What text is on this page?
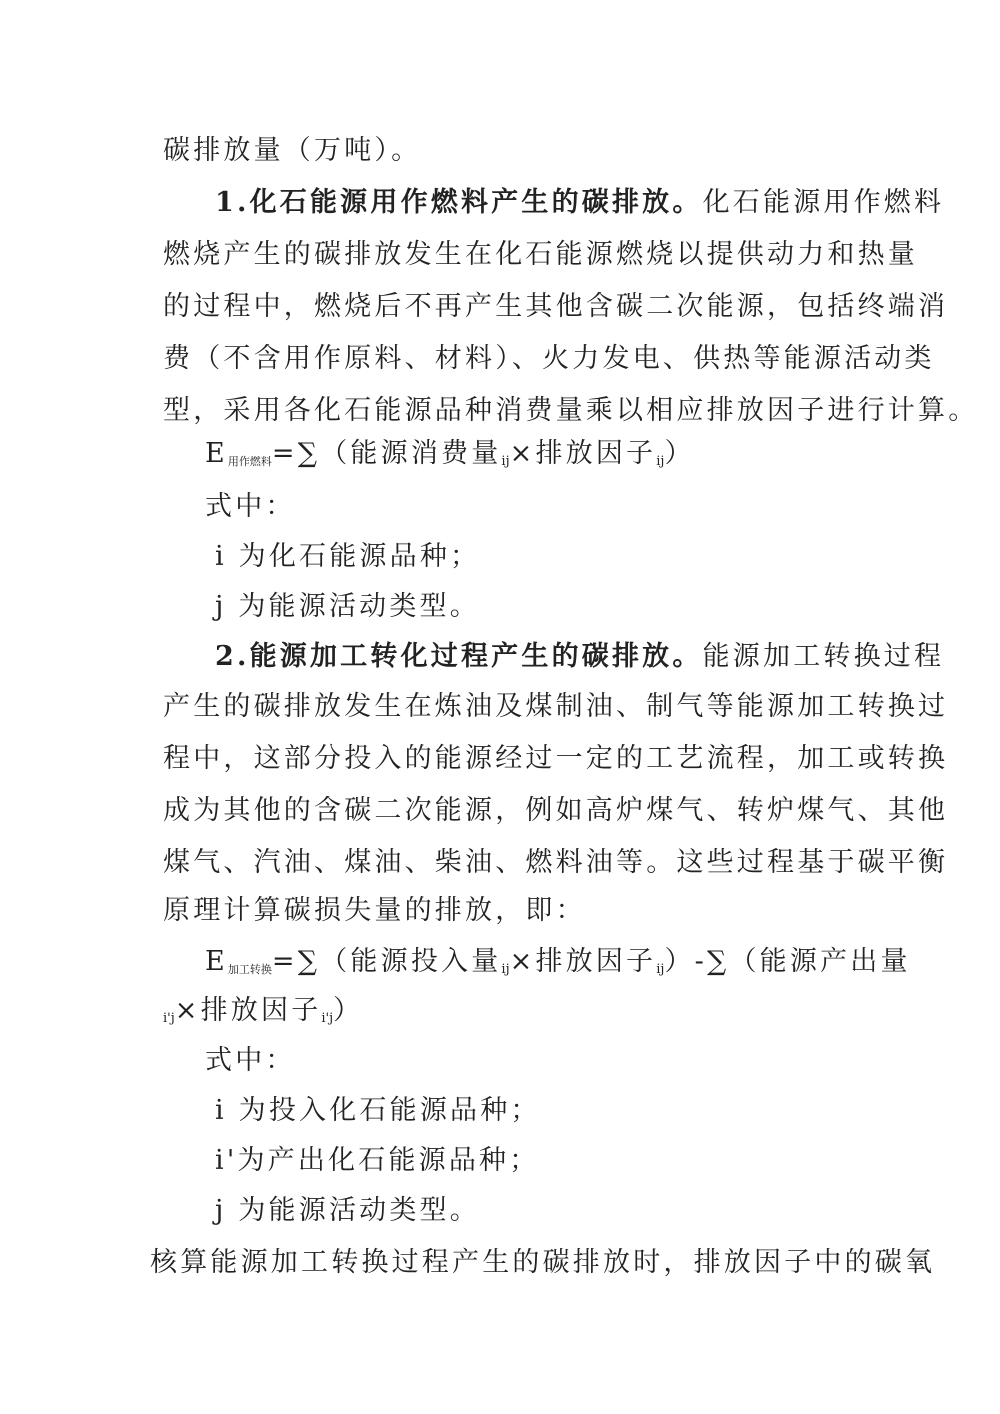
碳排放量（万吨）。
1.化石能源用作燃料产生的碳排放。化石能源用作燃料
燃烧产生的碳排放发生在化石能源燃烧以提供动力和热量
的过程中，燃烧后不再产生其他含碳二次能源，包括终端消
费（不含用作原料、材料）、火力发电、供热等能源活动类
型，采用各化石能源品种消费量乘以相应排放因子进行计算。
$E_{用作燃料}=\sum$（能源消费量$_{ij}$×排放因子$_{ij}$）
式中：
i 为化石能源品种；
j 为能源活动类型。
2.能源加工转化过程产生的碳排放。能源加工转换过程
产生的碳排放发生在炼油及煤制油、制气等能源加工转换过
程中，这部分投入的能源经过一定的工艺流程，加工或转换
成为其他的含碳二次能源，例如高炉煤气、转炉煤气、其他
煤气、汽油、煤油、柴油、燃料油等。这些过程基于碳平衡
原理计算碳损失量的排放，即：
$E_{加工转换}=\sum$（能源投入量$_{ij}$×排放因子$_{ij}$）-∑（能源产出量
$_{i'j}$×排放因子$_{i'j}$）
式中：
i 为投入化石能源品种；
i'为产出化石能源品种；
j 为能源活动类型。
核算能源加工转换过程产生的碳排放时，排放因子中的碳氧
